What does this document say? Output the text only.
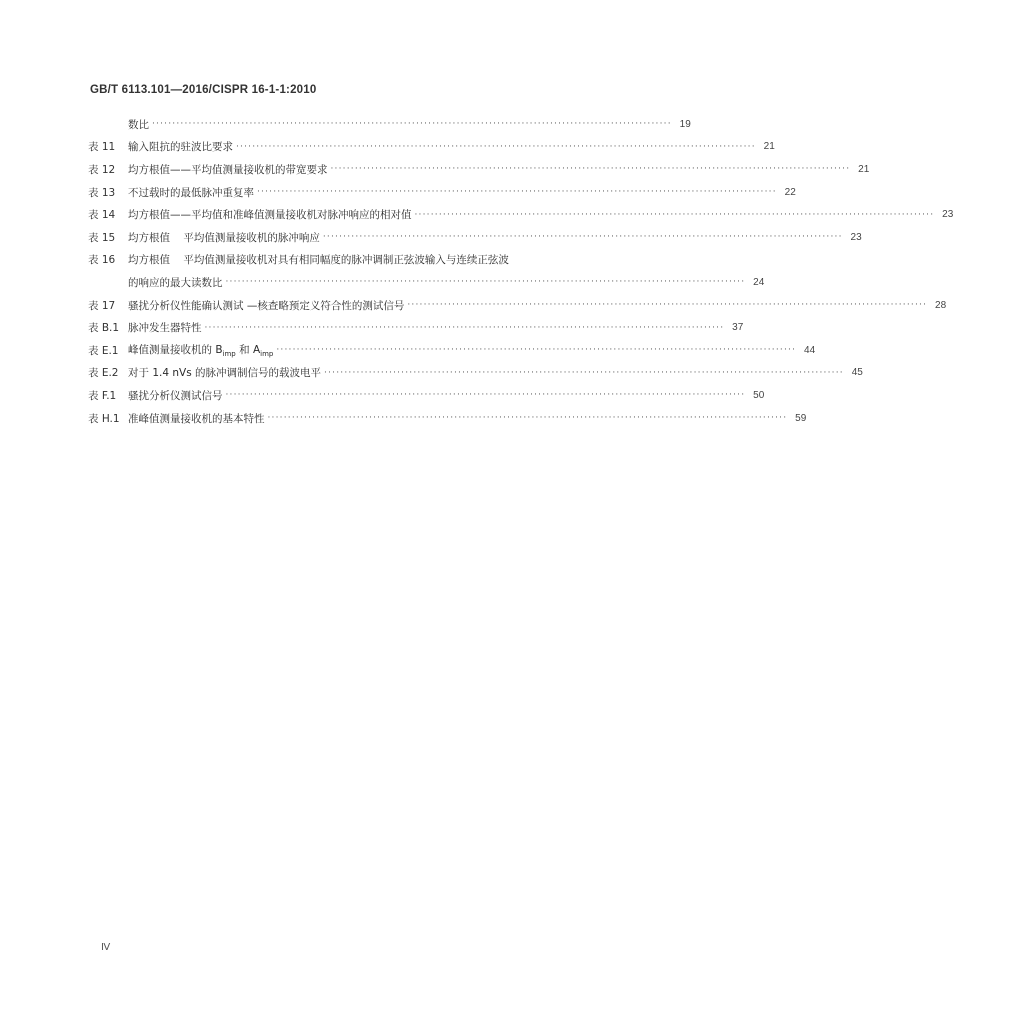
GB/T 6113.101—2016/CISPR 16-1-1:2010
数比 ·····	19
表 11	输入阻抗的驻波比要求 ·····	21
表 12	均方根值——平均值测量接收机的带宽要求 ·····	21
表 13	不过载时的最低脉冲重复率 ·····	22
表 14	均方根值——平均值和准峰值测量接收机对脉冲响应的相对值 ·····	23
表 15	均方根值    平均值测量接收机的脉冲响应 ·····	23
表 16	均方根值    平均值测量接收机对具有相同幅度的脉冲调制正弦波输入与连续正弦波
的响应的最大读数比 ·····	24
表 17	骚扰分析仪性能确认测试 —核查略预定义符合性的测试信号 ·····	28
表 B.1 脉冲发生器特性 ·····	37
表 E.1 峰值测量接收机的 $B_{imp}$ 和 $A_{imp}$ ·····	44
表 E.2 对于 1.4 nVs 的脉冲调制信号的载波电平 ·····	45
表 F.1	骚扰分析仪测试信号 ·····	50
表 H.1 准峰值测量接收机的基本特性 ·····	59
Ⅳ
